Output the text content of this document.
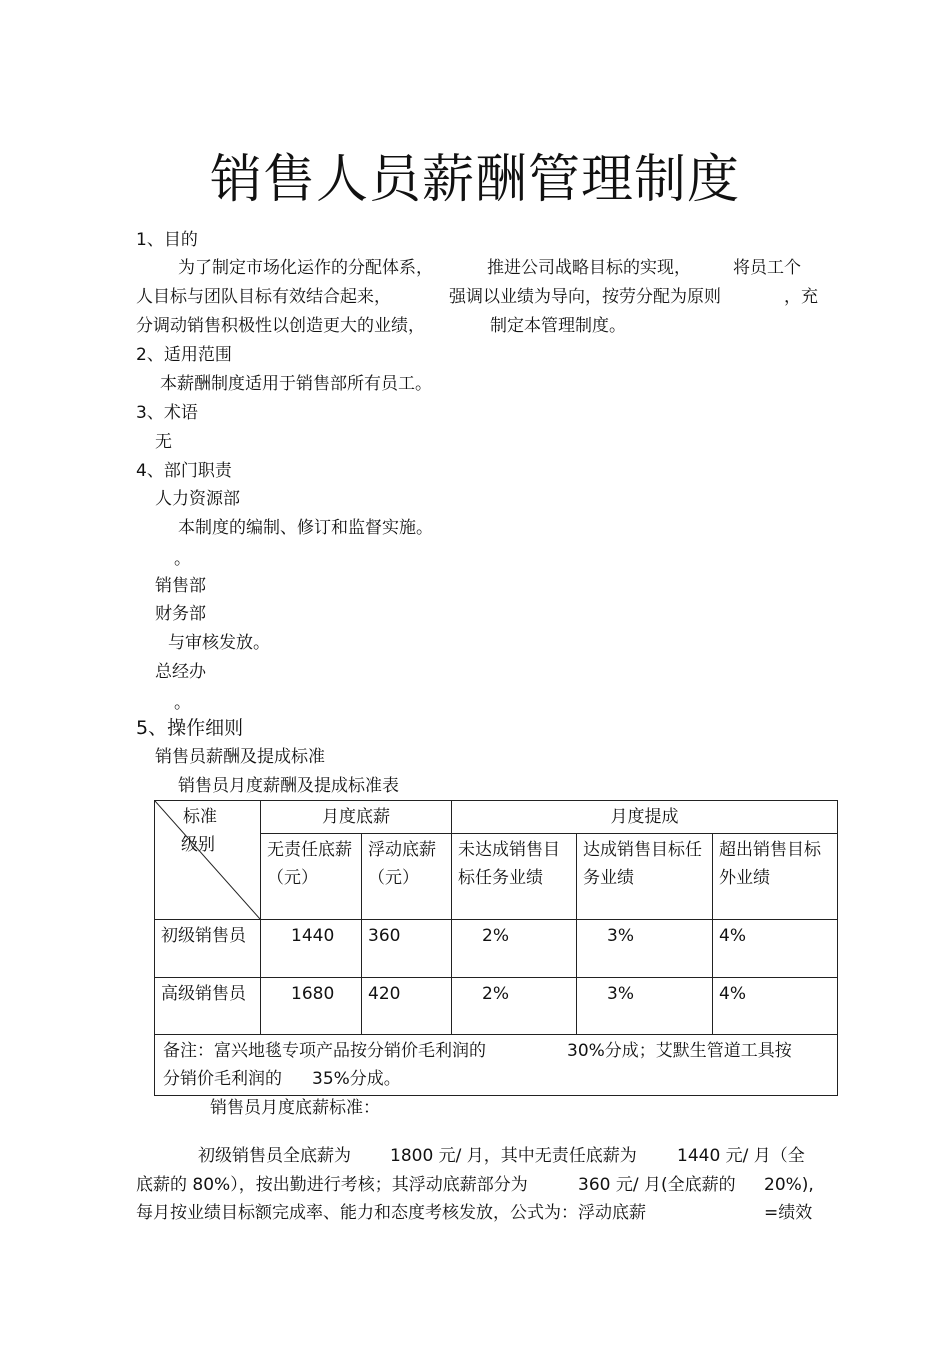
销售人员薪酬管理制度
1、目的
为了制定市场化运作的分配体系，	推进公司战略目标的实现， 将员工个
人目标与团队目标有效结合起来，	强调以业绩为导向，按劳分配为原则	，充
分调动销售积极性以创造更大的业绩，	制定本管理制度。
2、适用范围
本薪酬制度适用于销售部所有员工。
3、术语
无
4、部门职责
人力资源部
本制度的编制、修订和监督实施。
。
销售部
财务部
与审核发放。
总经办
。
5、操作细则
销售员薪酬及提成标准
销售员月度薪酬及提成标准表
标准
级别	月度底薪		月度提成		
	无责任底薪（元）	浮动底薪（元）	未达成销售目标任务业绩	达成销售目标任务业绩	超出销售目标外业绩
初级销售员	1440	360	2%	3%	4%
高级销售员	1680	420	2%	3%	4%

备注：富兴地毯专项产品按分销价毛利润的 30%分成；艾默生管道工具按
分销价毛利润的 35%分成。					
销售员月度底薪标准：
初级销售员全底薪为 1800 元/ 月，其中无责任底薪为 1440 元/ 月（全
底薪的 80%），按出勤进行考核；其浮动底薪部分为	360 元/ 月(全底薪的 20%),
每月按业绩目标额完成率、能力和态度考核发放，公式为：浮动底薪	=绩效
